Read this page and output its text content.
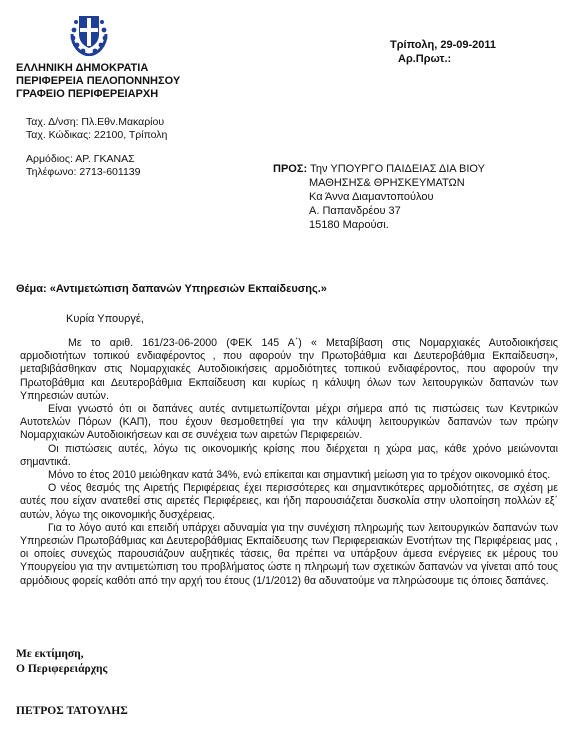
ΕΛΛΗΝΙΚΗ ΔΗΜΟΚΡΑΤΙΑ
ΠΕΡΙΦΕΡΕΙΑ ΠΕΛΟΠΟΝΝΗΣΟΥ
ΓΡΑΦΕΙΟ ΠΕΡΙΦΕΡΕΙΑΡΧΗ
Ταχ. Δ/νση: Πλ.Εθν.Μακαρίου
Ταχ. Κώδικας: 22100, Τρίπολη
Αρμόδιος: ΑΡ. ΓΚΑΝΑΣ
Τηλέφωνο: 2713-601139
Τρίπολη, 29-09-2011
Αρ.Πρωτ.:
ΠΡΟΣ: Την ΥΠΟΥΡΓΟ ΠΑΙΔΕΙΑΣ ΔΙΑ ΒΙΟΥ
ΜΑΘΗΣΗΣ& ΘΡΗΣΚΕΥΜΑΤΩΝ
Κα Άννα Διαμαντοπούλου
Α. Παπανδρέου 37
15180 Μαρούσι.
Θέμα: «Αντιμετώπιση δαπανών Υπηρεσιών Εκπαίδευσης.»
Κυρία Υπουργέ,

Με το αριθ. 161/23-06-2000 (ΦΕΚ 145 Α΄) « Μεταβίβαση στις Νομαρχιακές Αυτοδιοικήσεις αρμοδιοτήτων τοπικού ενδιαφέροντος , που αφορούν την Πρωτοβάθμια και Δευτεροβάθμια Εκπαίδευση», μεταβιβάσθηκαν στις Νομαρχιακές Αυτοδιοικήσεις αρμοδιότητες τοπικού ενδιαφέροντος, που αφορούν την Πρωτοβάθμια και Δευτεροβάθμια Εκπαίδευση και κυρίως η κάλυψη όλων των λειτουργικών δαπανών των Υπηρεσιών αυτών.

Είναι γνωστό ότι οι δαπάνες αυτές αντιμετωπίζονται μέχρι σήμερα από τις πιστώσεις των Κεντρικών Αυτοτελών Πόρων (ΚΑΠ), που έχουν θεσμοθετηθεί για την κάλυψη λειτουργικών δαπανών των πρώην Νομαρχιακών Αυτοδιοικήσεων και σε συνέχεια των αιρετών Περιφερειών.

Οι πιστώσεις αυτές, λόγω τις οικονομικής κρίσης που διέρχεται η χώρα μας, κάθε χρόνο μειώνονται σημαντικά.

Μόνο το έτος 2010 μειώθηκαν κατά 34%, ενώ επίκειται και σημαντική μείωση για το τρέχον οικονομικό έτος.

Ο νέος θεσμός της Αιρετής Περιφέρειας έχει περισσότερες και σημαντικότερες αρμοδιότητες, σε σχέση με αυτές που είχαν ανατεθεί στις αιρετές Περιφέρειες, και ήδη παρουσιάζεται δυσκολία στην υλοποίηση πολλών εξ΄ αυτών, λόγω της οικονομικής δυσχέρειας.

Για το λόγο αυτό και επειδή υπάρχει αδυναμία για την συνέχιση πληρωμής των λειτουργικών δαπανών των Υπηρεσιών Πρωτοβάθμιας και Δευτεροβάθμιας Εκπαίδευσης των Περιφερειακών Ενοτήτων της Περιφέρειας μας , οι οποίες συνεχώς παρουσιάζουν αυξητικές τάσεις, θα πρέπει να υπάρξουν άμεσα ενέργειες εκ μέρους του Υπουργείου για την αντιμετώπιση του προβλήματος ώστε η πληρωμή των σχετικών δαπανών να γίνεται από τους αρμόδιους φορείς καθότι από την αρχή του έτους (1/1/2012) θα αδυνατούμε να πληρώσουμε τις όποιες δαπάνες.

Με εκτίμηση,
Ο Περιφερειάρχης
ΠΕΤΡΟΣ ΤΑΤΟΥΛΗΣ
